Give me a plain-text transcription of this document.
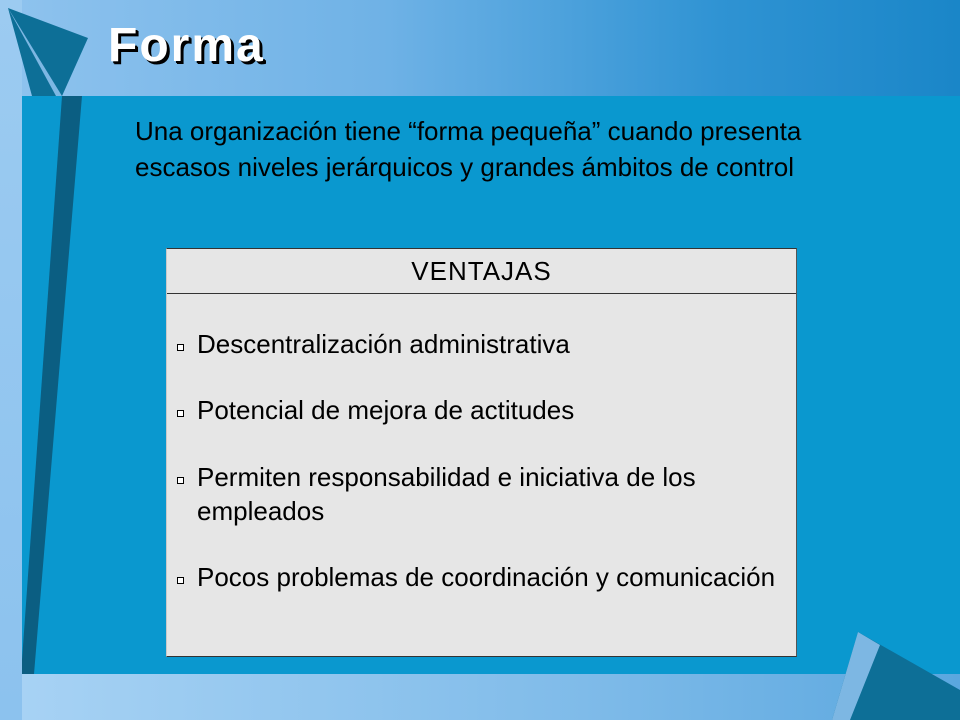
Forma

Una organización tiene “forma pequeña” cuando presenta escasos niveles jerárquicos y grandes ámbitos de control

VENTAJAS
Descentralización administrativa
Potencial de mejora de actitudes
Permiten responsabilidad e iniciativa de los empleados
Pocos problemas de coordinación y comunicación
